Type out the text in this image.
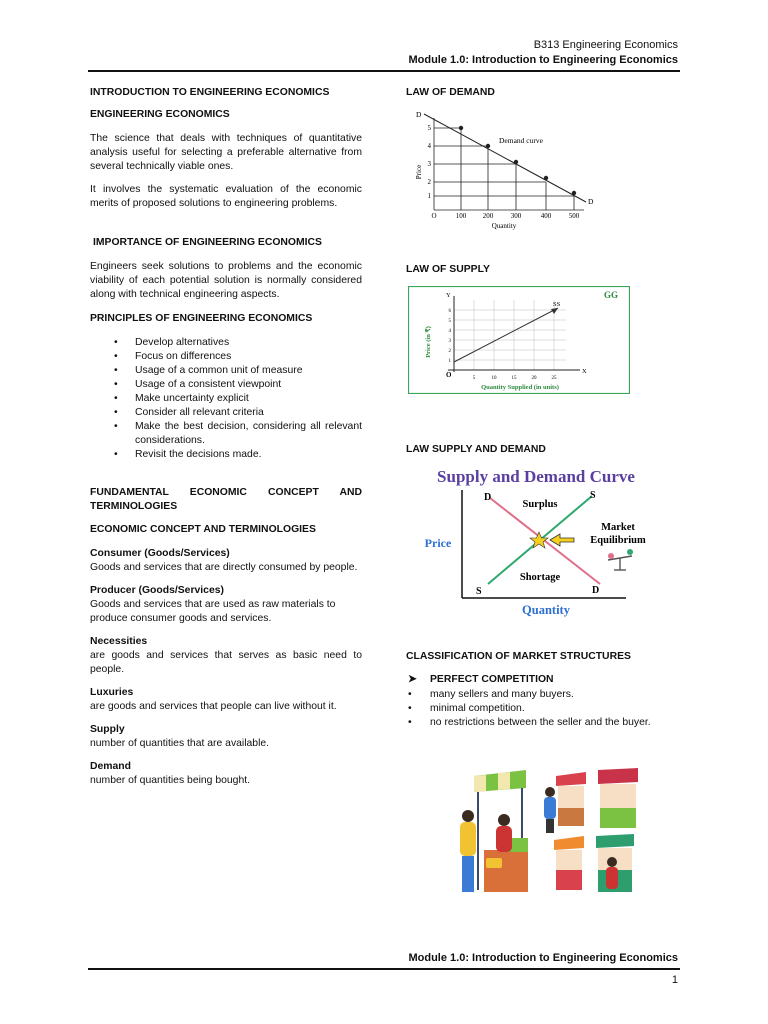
B313 Engineering Economics
Module 1.0: Introduction to Engineering Economics
INTRODUCTION TO ENGINEERING ECONOMICS
ENGINEERING ECONOMICS

The science that deals with techniques of quantitative analysis useful for selecting a preferable alternative from several technically viable ones.

It involves the systematic evaluation of the economic merits of proposed solutions to engineering problems.

IMPORTANCE OF ENGINEERING ECONOMICS

Engineers seek solutions to problems and the economic viability of each potential solution is normally considered along with technical engineering aspects.

PRINCIPLES OF ENGINEERING ECONOMICS
• Develop alternatives
• Focus on differences
• Usage of a common unit of measure
• Usage of a consistent viewpoint
• Make uncertainty explicit
• Consider all relevant criteria
• Make the best decision, considering all relevant considerations.
• Revisit the decisions made.
FUNDAMENTAL ECONOMIC CONCEPT AND TERMINOLOGIES
ECONOMIC CONCEPT AND TERMINOLOGIES
Consumer (Goods/Services)

Goods and services that are directly consumed by people.

Producer (Goods/Services)

Goods and services that are used as raw materials to produce consumer goods and services.

Necessities

are goods and services that serves as basic need to people.

Luxuries

are goods and services that people can live without it.

Supply

number of quantities that are available.

Demand

number of quantities being bought.

LAW OF DEMAND
Demand curve
D
D
Price
Quantity
O	100 200	300	400	500
1
2
3
4
5
LAW OF SUPPLY
SS
Y
X
O
Price (in ₹)
Quantity Supplied (in units)
GG
5	10	15	20	25
1
2
3
4
5
6
LAW SUPPLY AND DEMAND
Supply and Demand Curve
D	S
S	D
Surplus
Shortage
Market
Equilibrium
Price
Quantity
CLASSIFICATION OF MARKET STRUCTURES
➤ PERFECT COMPETITION
• many sellers and many buyers.
• minimal competition.
• no restrictions between the seller and the buyer.
Module 1.0: Introduction to Engineering Economics
1
